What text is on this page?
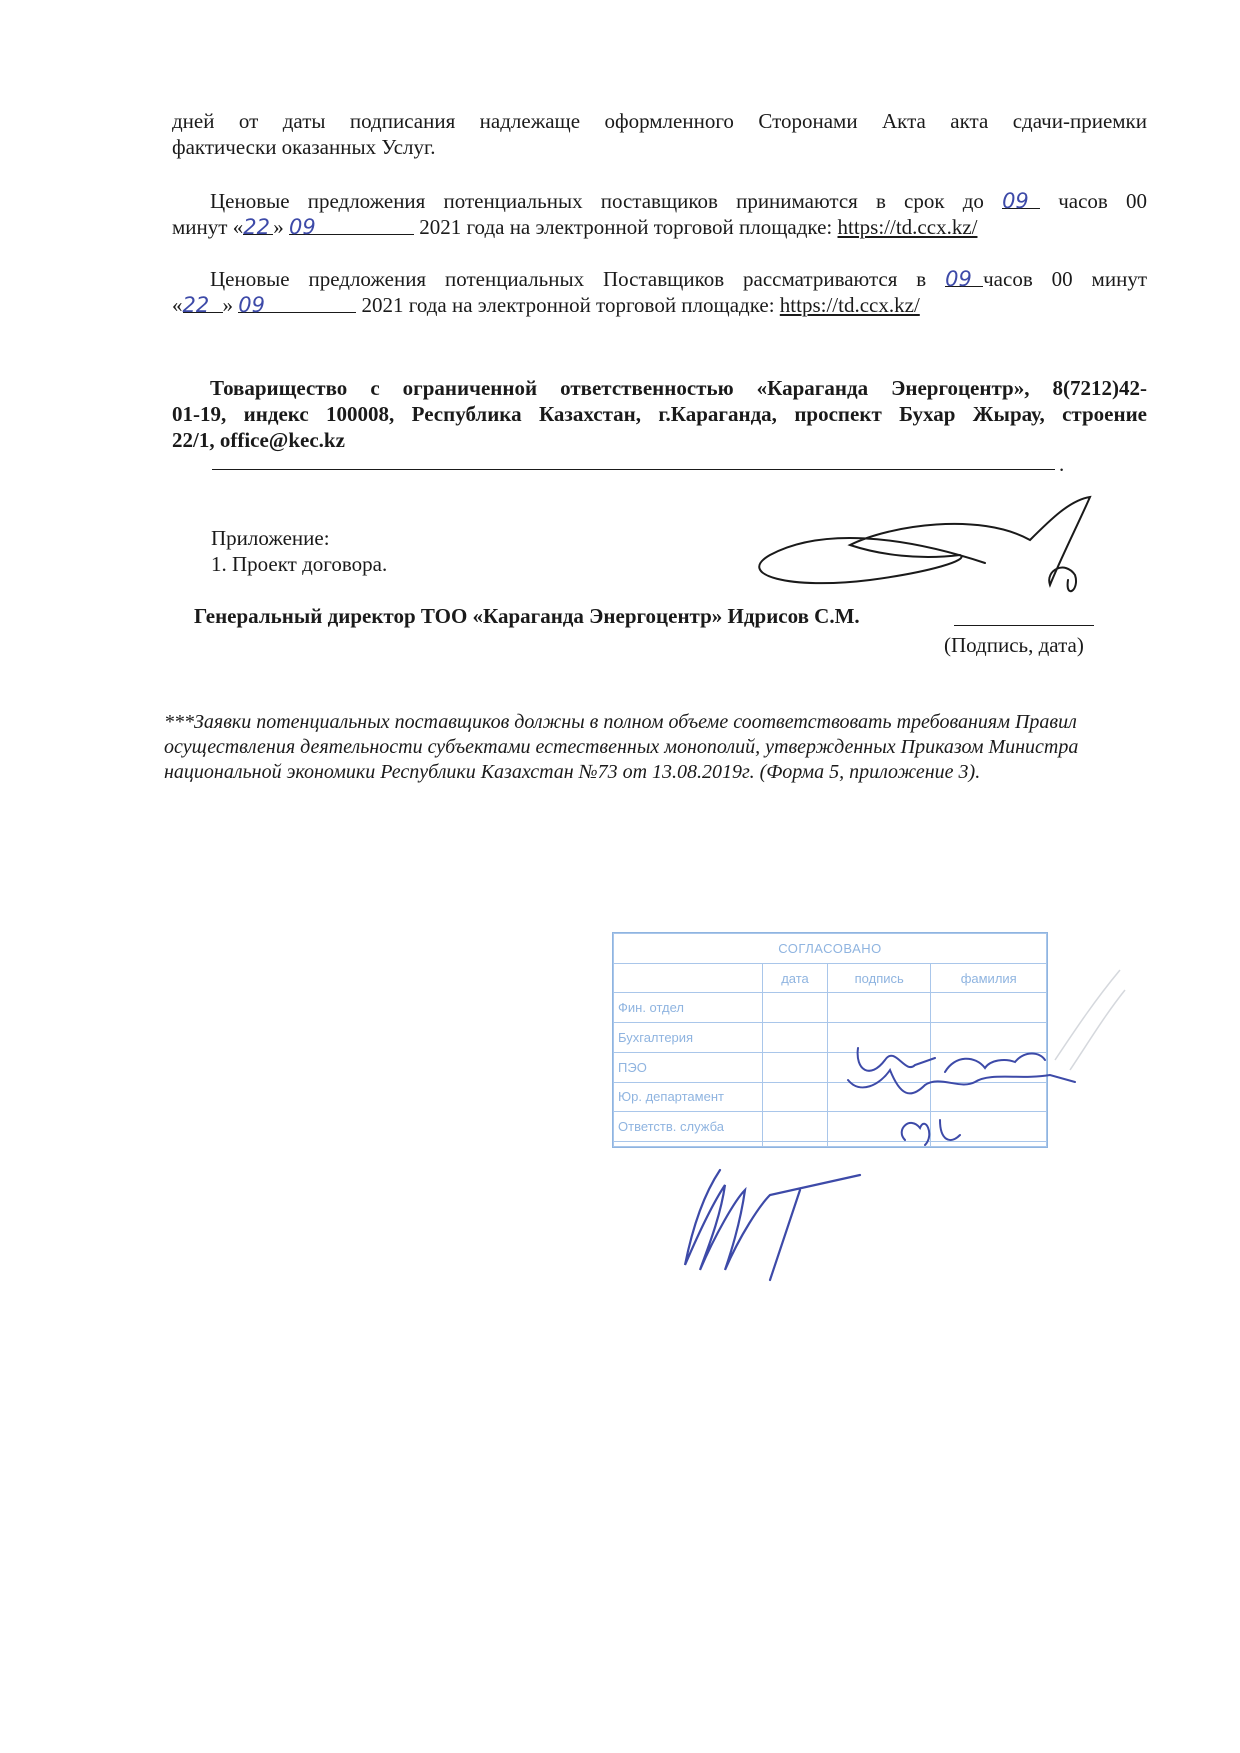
дней от даты подписания надлежаще оформленного Сторонами Акта акта сдачи-приемки
фактически оказанных Услуг.
Ценовые предложения потенциальных поставщиков принимаются в срок до 09 часов 00
минут «22 » 09	2021 года на электронной торговой площадке: https://td.ccx.kz/
Ценовые предложения потенциальных Поставщиков рассматриваются в 09 часов 00 минут
«22 » 09	2021 года на электронной торговой площадке: https://td.ccx.kz/
Товарищество с ограниченной ответственностью «Караганда Энергоцентр», 8(7212)42-
01-19, индекс 100008, Республика Казахстан, г.Караганда, проспект Бухар Жырау, строение
22/1, office@kec.kz
.
Приложение:
1. Проект договора.
Генеральный директор ТОО «Караганда Энергоцентр» Идрисов С.М.
(Подпись, дата)
***Заявки потенциальных поставщиков должны в полном объеме соответствовать требованиям Правил осуществления деятельности субъектами естественных монополий, утвержденных Приказом Министра национальной экономики Республики Казахстан №73 от 13.08.2019г. (Форма 5, приложение 3).
СОГЛАСОВАНО			
	дата	подпись	фамилия
Фин. отдел			
Бухгалтерия			
ПЭО			
Юр. департамент			
Ответств. служба			
